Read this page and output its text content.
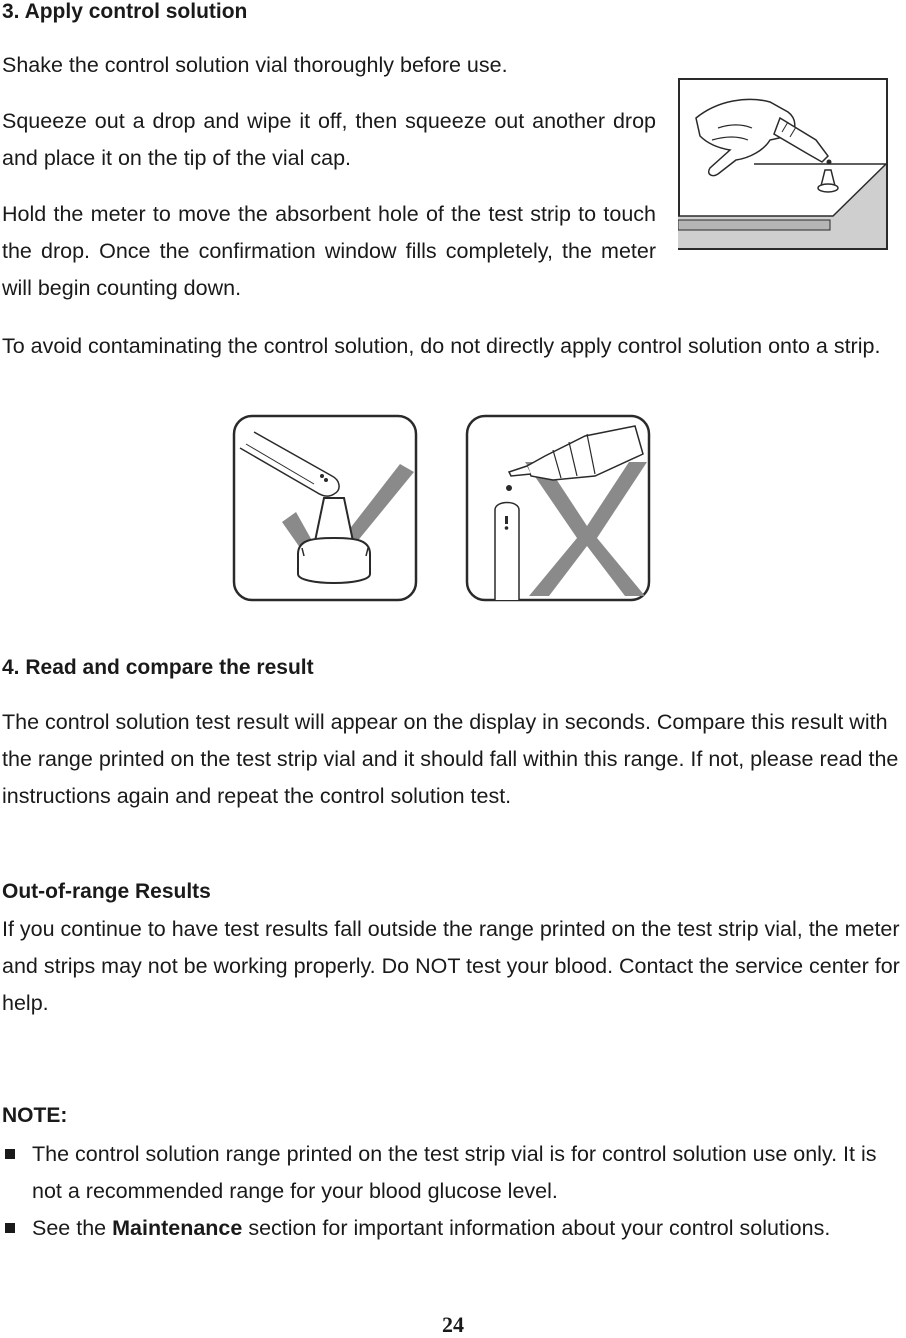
3. Apply control solution

Shake the control solution vial thoroughly before use.

Squeeze out a drop and wipe it off, then squeeze out another drop and place it on the tip of the vial cap.

Hold the meter to move the absorbent hole of the test strip to touch the drop. Once the confirmation window fills completely, the meter will begin counting down.

To avoid contaminating the control solution, do not directly apply control solution onto a strip.

4. Read and compare the result

The control solution test result will appear on the display in seconds. Compare this result with the range printed on the test strip vial and it should fall within this range. If not, please read the instructions again and repeat the control solution test.

Out-of-range Results

If you continue to have test results fall outside the range printed on the test strip vial, the meter and strips may not be working properly. Do NOT test your blood. Contact the service center for help.

NOTE:
The control solution range printed on the test strip vial is for control solution use only. It is not a recommended range for your blood glucose level.
See the Maintenance section for important information about your control solutions.
24
